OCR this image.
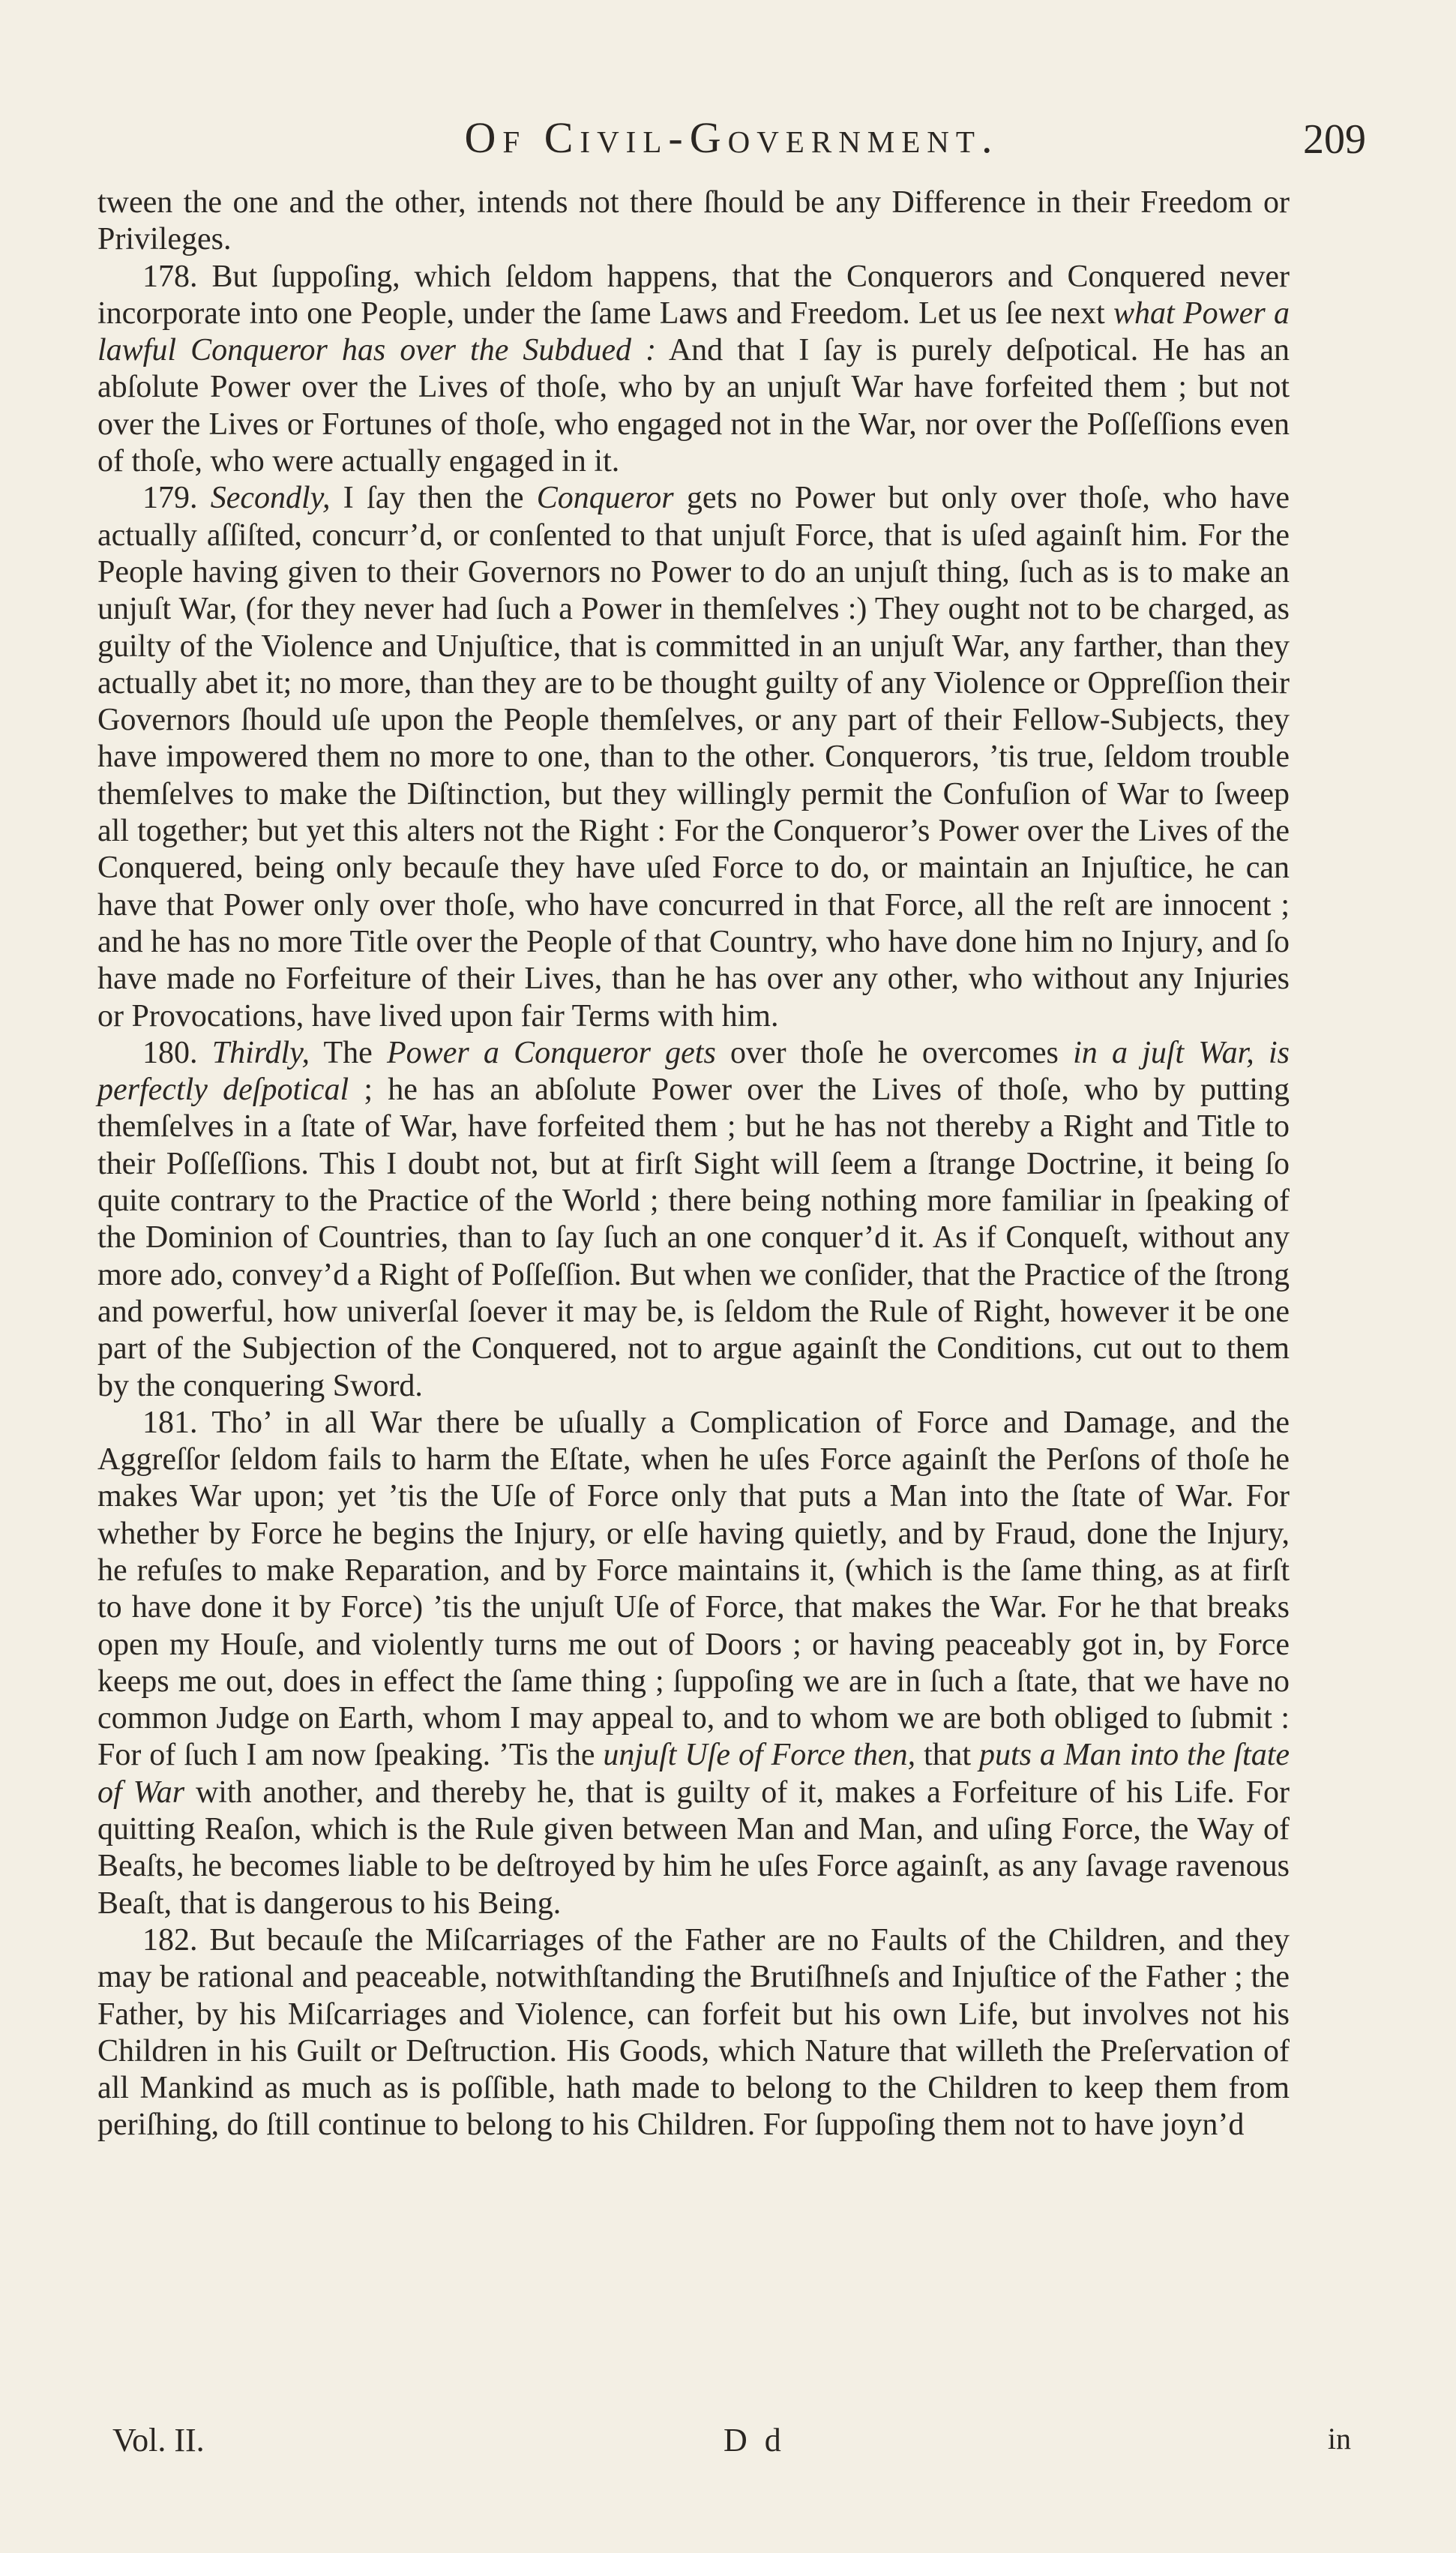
Of Civil-Government.	209

tween the one and the other, intends not there ſhould be any Difference in their Freedom or Privileges.

178. But ſuppoſing, which ſeldom happens, that the Conquerors and Conquered never incorporate into one People, under the ſame Laws and Freedom. Let us ſee next what Power a lawful Conqueror has over the Subdued : And that I ſay is purely deſpotical. He has an abſolute Power over the Lives of thoſe, who by an unjuſt War have forfeited them ; but not over the Lives or Fortunes of thoſe, who engaged not in the War, nor over the Poſſeſſions even of thoſe, who were actually engaged in it.

179. Secondly, I ſay then the Conqueror gets no Power but only over thoſe, who have actually aſſiſted, concurr’d, or conſented to that unjuſt Force, that is uſed againſt him. For the People having given to their Governors no Power to do an unjuſt thing, ſuch as is to make an unjuſt War, (for they never had ſuch a Power in themſelves :) They ought not to be charged, as guilty of the Violence and Unjuſtice, that is committed in an unjuſt War, any farther, than they actually abet it; no more, than they are to be thought guilty of any Violence or Oppreſſion their Governors ſhould uſe upon the People themſelves, or any part of their Fellow-Subjects, they have impowered them no more to one, than to the other. Conquerors, ’tis true, ſeldom trouble themſelves to make the Diſtinction, but they willingly permit the Confuſion of War to ſweep all together; but yet this alters not the Right : For the Conqueror’s Power over the Lives of the Conquered, being only becauſe they have uſed Force to do, or maintain an Injuſtice, he can have that Power only over thoſe, who have concurred in that Force, all the reſt are innocent ; and he has no more Title over the People of that Country, who have done him no Injury, and ſo have made no Forfeiture of their Lives, than he has over any other, who without any Injuries or Provocations, have lived upon fair Terms with him.

180. Thirdly, The Power a Conqueror gets over thoſe he overcomes in a juſt War, is perfectly deſpotical ; he has an abſolute Power over the Lives of thoſe, who by putting themſelves in a ſtate of War, have forfeited them ; but he has not thereby a Right and Title to their Poſſeſſions. This I doubt not, but at firſt Sight will ſeem a ſtrange Doctrine, it being ſo quite contrary to the Practice of the World ; there being nothing more familiar in ſpeaking of the Dominion of Countries, than to ſay ſuch an one conquer’d it. As if Conqueſt, without any more ado, convey’d a Right of Poſſeſſion. But when we conſider, that the Practice of the ſtrong and powerful, how univerſal ſoever it may be, is ſeldom the Rule of Right, however it be one part of the Subjection of the Conquered, not to argue againſt the Conditions, cut out to them by the conquering Sword.

181. Tho’ in all War there be uſually a Complication of Force and Damage, and the Aggreſſor ſeldom fails to harm the Eſtate, when he uſes Force againſt the Perſons of thoſe he makes War upon; yet ’tis the Uſe of Force only that puts a Man into the ſtate of War. For whether by Force he begins the Injury, or elſe having quietly, and by Fraud, done the Injury, he refuſes to make Reparation, and by Force maintains it, (which is the ſame thing, as at firſt to have done it by Force) ’tis the unjuſt Uſe of Force, that makes the War. For he that breaks open my Houſe, and violently turns me out of Doors ; or having peaceably got in, by Force keeps me out, does in effect the ſame thing ; ſuppoſing we are in ſuch a ſtate, that we have no common Judge on Earth, whom I may appeal to, and to whom we are both obliged to ſubmit : For of ſuch I am now ſpeaking. ’Tis the unjuſt Uſe of Force then, that puts a Man into the ſtate of War with another, and thereby he, that is guilty of it, makes a Forfeiture of his Life. For quitting Reaſon, which is the Rule given between Man and Man, and uſing Force, the Way of Beaſts, he becomes liable to be deſtroyed by him he uſes Force againſt, as any ſavage ravenous Beaſt, that is dangerous to his Being.

182. But becauſe the Miſcarriages of the Father are no Faults of the Children, and they may be rational and peaceable, notwithſtanding the Brutiſhneſs and Injuſtice of the Father ; the Father, by his Miſcarriages and Violence, can forfeit but his own Life, but involves not his Children in his Guilt or Deſtruction. His Goods, which Nature that willeth the Preſervation of all Mankind as much as is poſſible, hath made to belong to the Children to keep them from periſhing, do ſtill continue to belong to his Children. For ſuppoſing them not to have joyn’d

Vol. II.	D d	in
